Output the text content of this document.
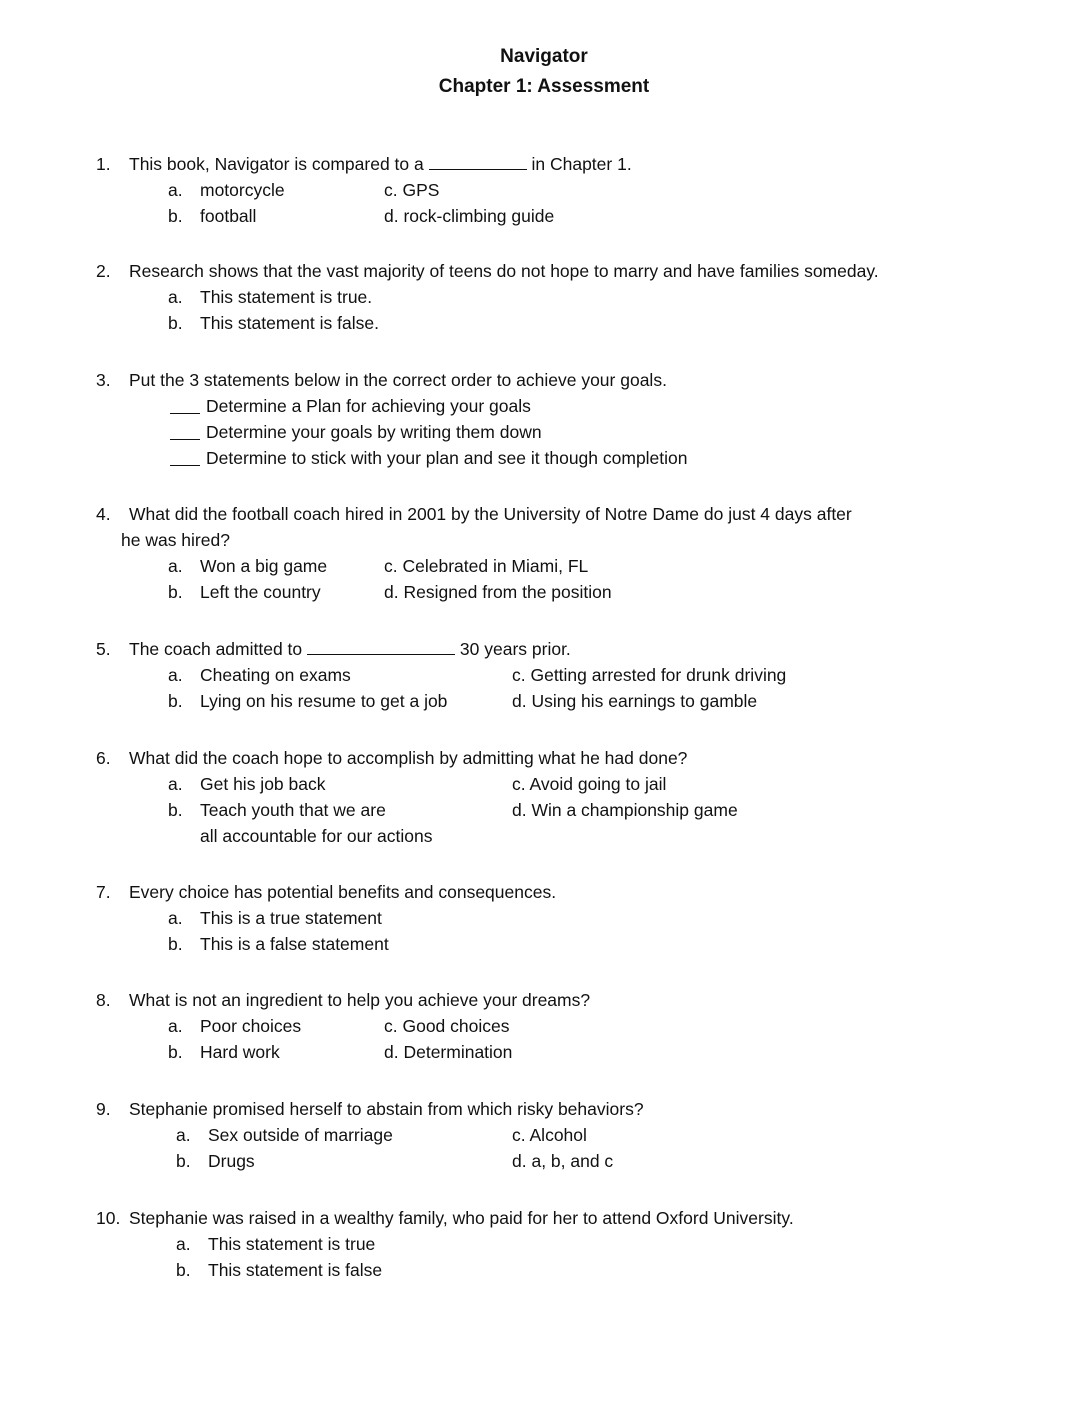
Navigator
Chapter 1: Assessment
1. This book, Navigator is compared to a	in Chapter 1.
a. motorcycle	c. GPS
b. football	d. rock-climbing guide
2. Research shows that the vast majority of teens do not hope to marry and have families someday.
a. This statement is true.
b. This statement is false.
3. Put the 3 statements below in the correct order to achieve your goals.
Determine a Plan for achieving your goals
Determine your goals by writing them down
Determine to stick with your plan and see it though completion
4. What did the football coach hired in 2001 by the University of Notre Dame do just 4 days after
he was hired?
a. Won a big game	c. Celebrated in Miami, FL
b. Left the country	d. Resigned from the position
5. The coach admitted to	30 years prior.
a. Cheating on exams	c. Getting arrested for drunk driving
b. Lying on his resume to get a job	d. Using his earnings to gamble
6. What did the coach hope to accomplish by admitting what he had done?
a. Get his job back	c. Avoid going to jail
b. Teach youth that we are	d. Win a championship game
all accountable for our actions
7. Every choice has potential benefits and consequences.
a. This is a true statement
b. This is a false statement
8. What is not an ingredient to help you achieve your dreams?
a. Poor choices	c. Good choices
b. Hard work	d. Determination
9. Stephanie promised herself to abstain from which risky behaviors?
a. Sex outside of marriage	c. Alcohol
b. Drugs	d. a, b, and c
10. Stephanie was raised in a wealthy family, who paid for her to attend Oxford University.
a. This statement is true
b. This statement is false
